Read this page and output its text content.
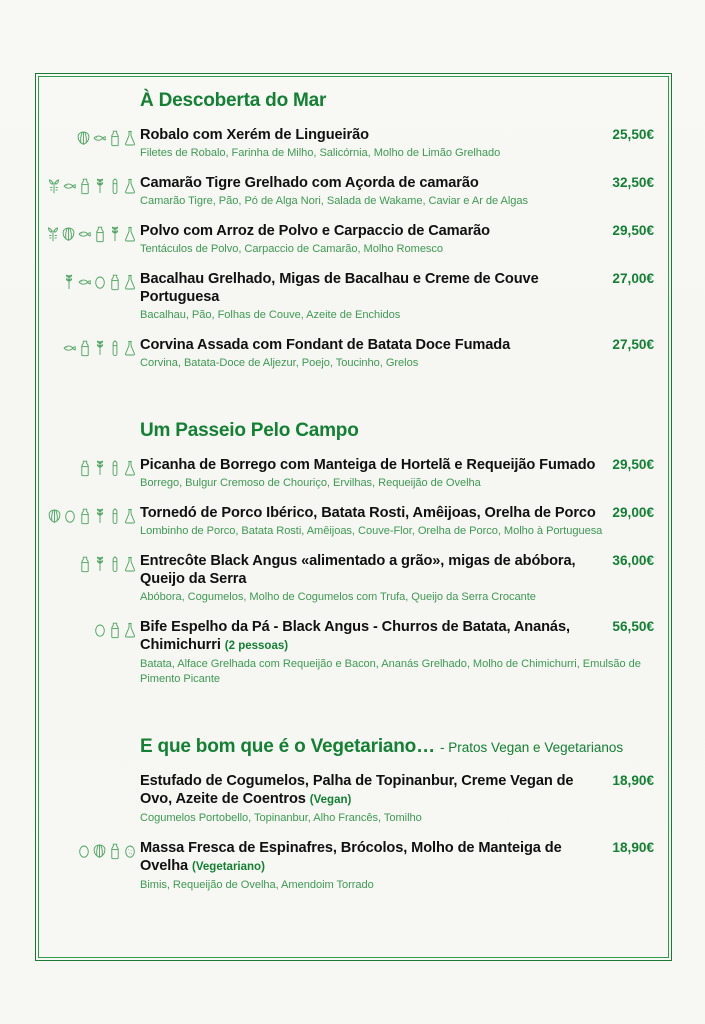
À Descoberta do Mar
Robalo com Xerém de Lingueirão	25,50€
Filetes de Robalo, Farinha de Milho, Salicórnia, Molho de Limão Grelhado
Camarão Tigre Grelhado com Açorda de camarão	32,50€
Camarão Tigre, Pão, Pó de Alga Nori, Salada de Wakame, Caviar e Ar de Algas
Polvo com Arroz de Polvo e Carpaccio de Camarão	29,50€
Tentáculos de Polvo, Carpaccio de Camarão, Molho Romesco
Bacalhau Grelhado, Migas de Bacalhau e Creme de Couve Portuguesa
27,00€
Bacalhau, Pão, Folhas de Couve, Azeite de Enchidos
Corvina Assada com Fondant de Batata Doce Fumada	27,50€
Corvina, Batata-Doce de Aljezur, Poejo, Toucinho, Grelos
Um Passeio Pelo Campo
Picanha de Borrego com Manteiga de Hortelã e Requeijão Fumado 29,50€
Borrego, Bulgur Cremoso de Chouriço, Ervilhas, Requeijão de Ovelha
Tornedó de Porco Ibérico, Batata Rosti, Amêijoas, Orelha de Porco 29,00€
Lombinho de Porco, Batata Rosti, Amêijoas, Couve-Flor, Orelha de Porco, Molho à Portuguesa
Entrecôte Black Angus «alimentado a grão», migas de abóbora, Queijo da Serra
36,00€
Abóbora, Cogumelos, Molho de Cogumelos com Trufa, Queijo da Serra Crocante
Bife Espelho da Pá - Black Angus - Churros de Batata, Ananás, Chimichurri (2 pessoas)
56,50€
Batata, Alface Grelhada com Requeijão e Bacon, Ananás Grelhado, Molho de Chimichurri, Emulsão de Pimento Picante
E que bom que é o Vegetariano… - Pratos Vegan e Vegetarianos
Estufado de Cogumelos, Palha de Topinanbur, Creme Vegan de Ovo, Azeite de Coentros (Vegan)
18,90€
Cogumelos Portobello, Topinanbur, Alho Francês, Tomilho
Massa Fresca de Espinafres, Brócolos, Molho de Manteiga de Ovelha (Vegetariano)
18,90€
Bimis, Requeijão de Ovelha, Amendoim Torrado
